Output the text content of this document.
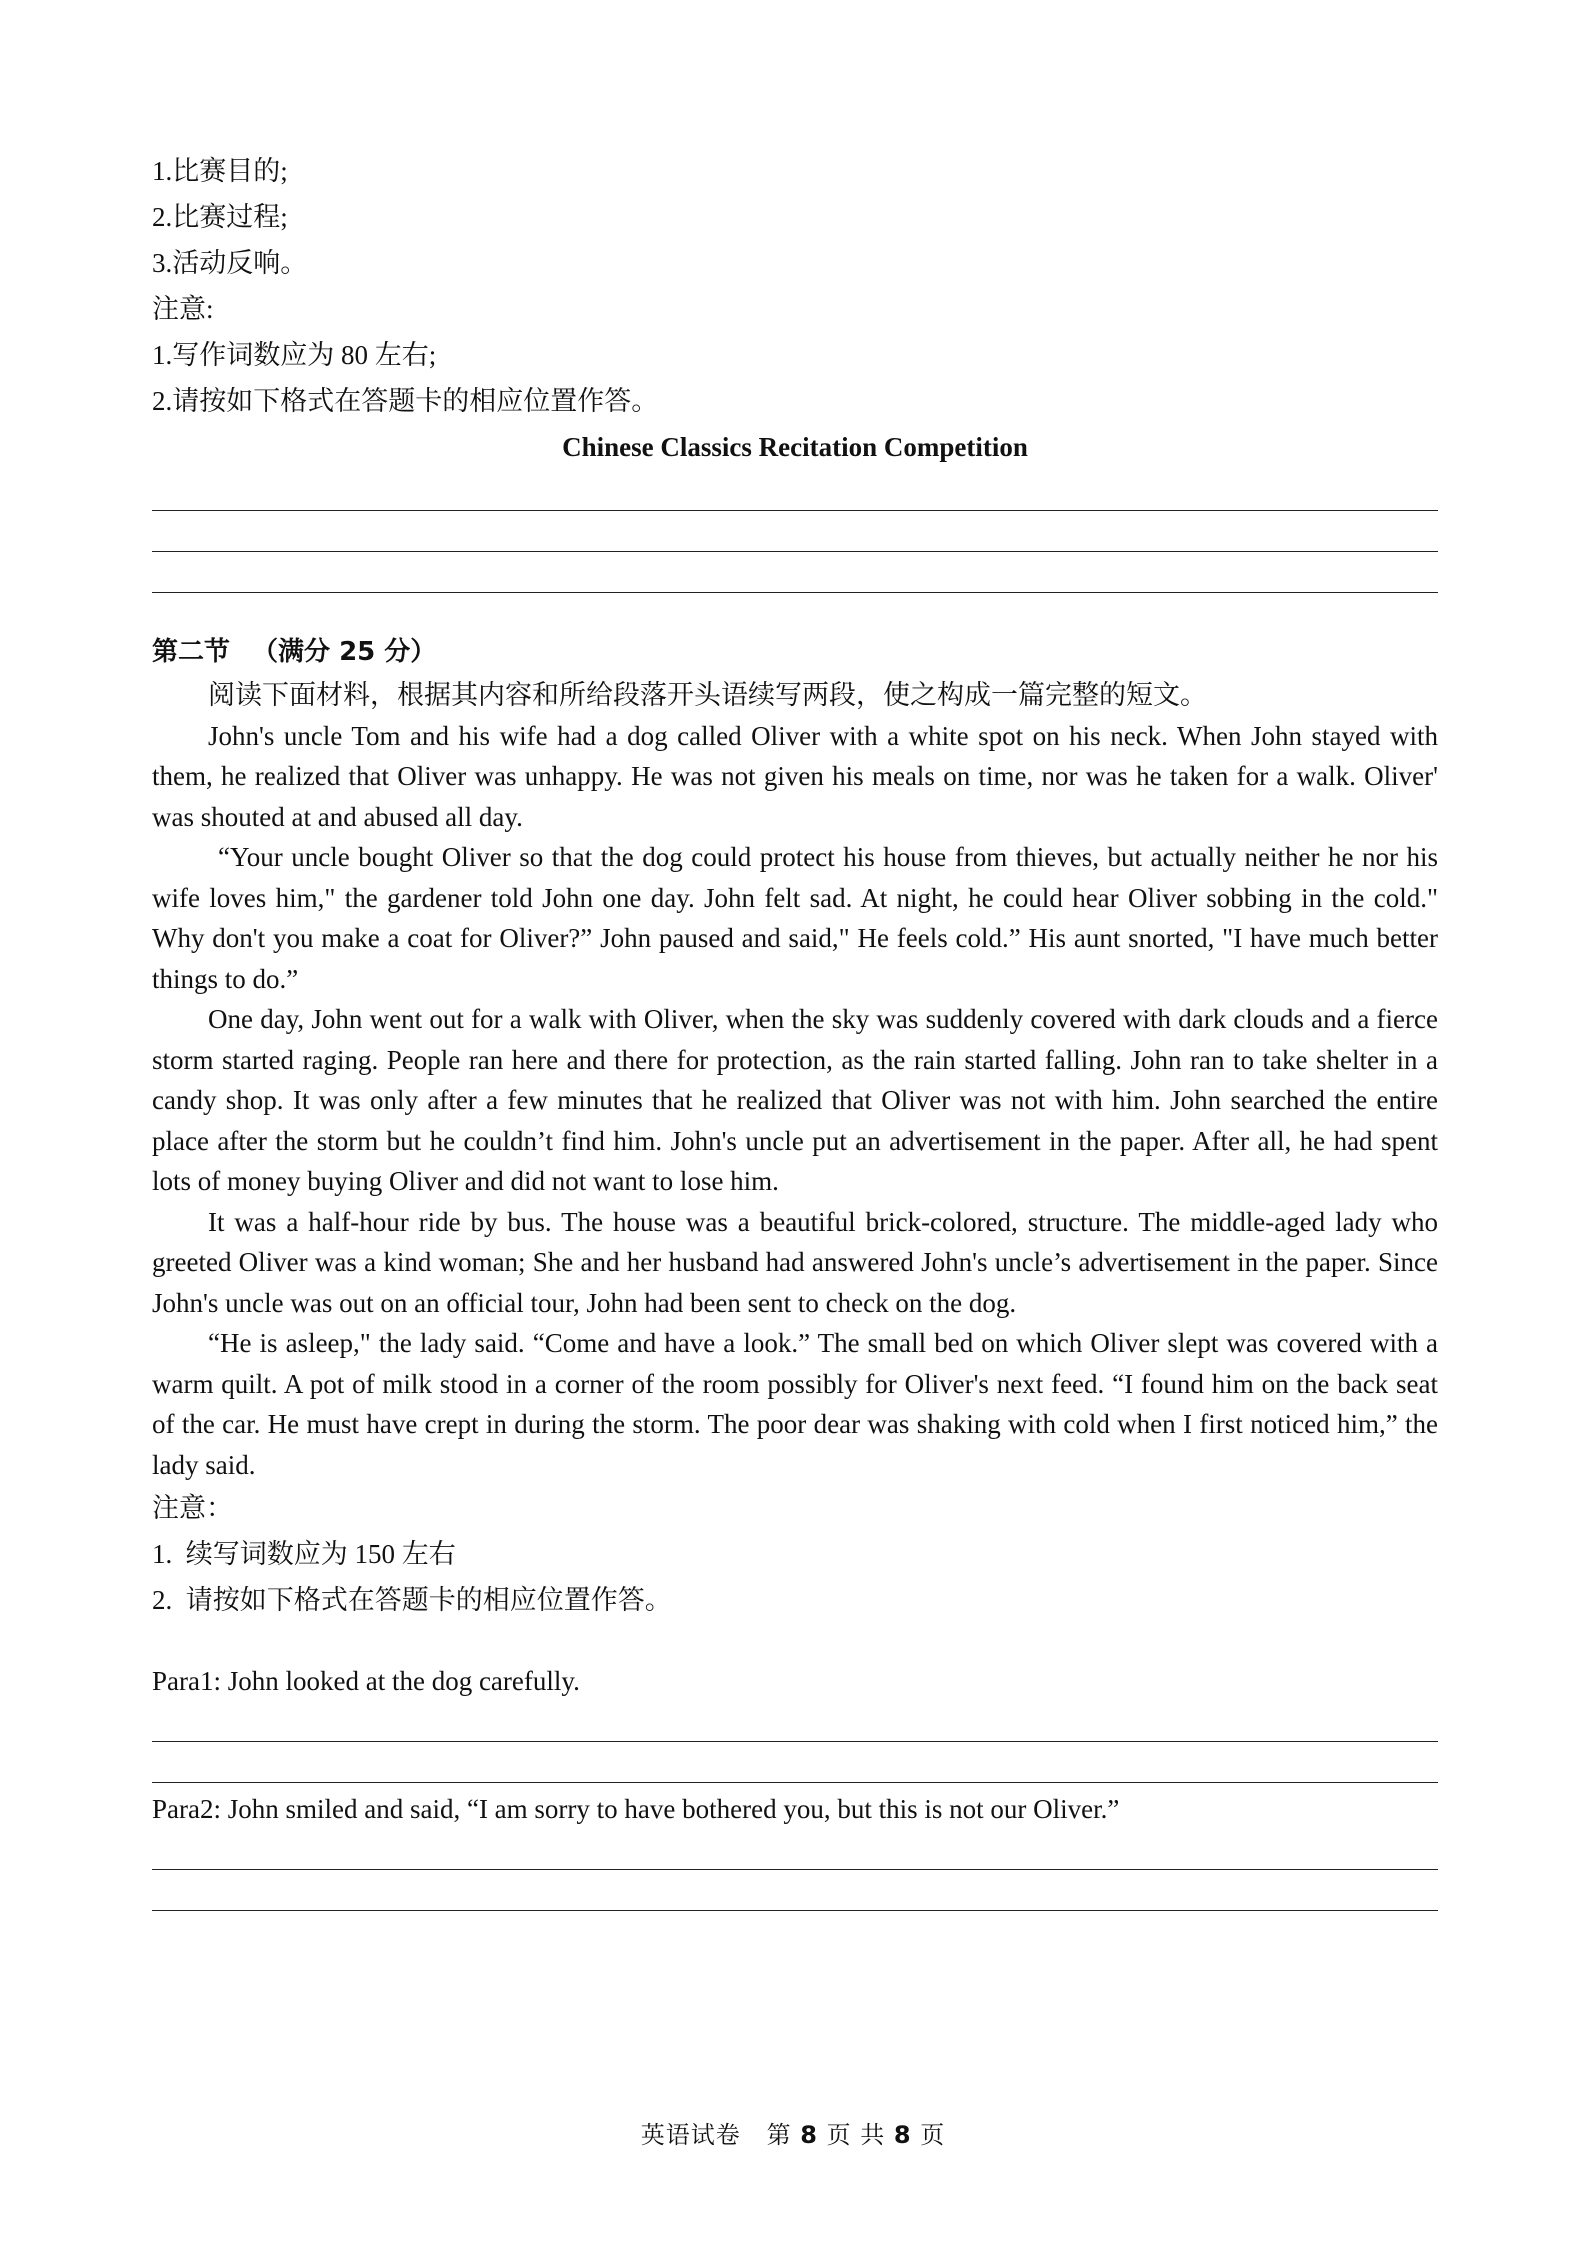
1.比赛目的;
2.比赛过程;
3.活动反响。
注意:
1.写作词数应为 80 左右;
2.请按如下格式在答题卡的相应位置作答。
Chinese Classics Recitation Competition
第二节 （满分 25 分）
阅读下面材料，根据其内容和所给段落开头语续写两段，使之构成一篇完整的短文。
John's uncle Tom and his wife had a dog called Oliver with a white spot on his neck. When John stayed with them, he realized that Oliver was unhappy. He was not given his meals on time, nor was he taken for a walk. Oliver' was shouted at and abused all day.
“Your uncle bought Oliver so that the dog could protect his house from thieves, but actually neither he nor his wife loves him," the gardener told John one day. John felt sad. At night, he could hear Oliver sobbing in the cold." Why don't you make a coat for Oliver?” John paused and said," He feels cold.” His aunt snorted, "I have much better things to do.”
One day, John went out for a walk with Oliver, when the sky was suddenly covered with dark clouds and a fierce storm started raging. People ran here and there for protection, as the rain started falling. John ran to take shelter in a candy shop. It was only after a few minutes that he realized that Oliver was not with him. John searched the entire place after the storm but he couldn’t find him. John's uncle put an advertisement in the paper. After all, he had spent lots of money buying Oliver and did not want to lose him.
It was a half-hour ride by bus. The house was a beautiful brick-colored, structure. The middle-aged lady who greeted Oliver was a kind woman; She and her husband had answered John's uncle’s advertisement in the paper. Since John's uncle was out on an official tour, John had been sent to check on the dog.
“He is asleep," the lady said. “Come and have a look.” The small bed on which Oliver slept was covered with a warm quilt. A pot of milk stood in a corner of the room possibly for Oliver's next feed. “I found him on the back seat of the car. He must have crept in during the storm. The poor dear was shaking with cold when I first noticed him,” the lady said.
注意：
1.  续写词数应为 150 左右
2.  请按如下格式在答题卡的相应位置作答。
Para1: John looked at the dog carefully.
Para2: John smiled and said, “I am sorry to have bothered you, but this is not our Oliver.”
英语试卷 第 8 页 共 8 页
